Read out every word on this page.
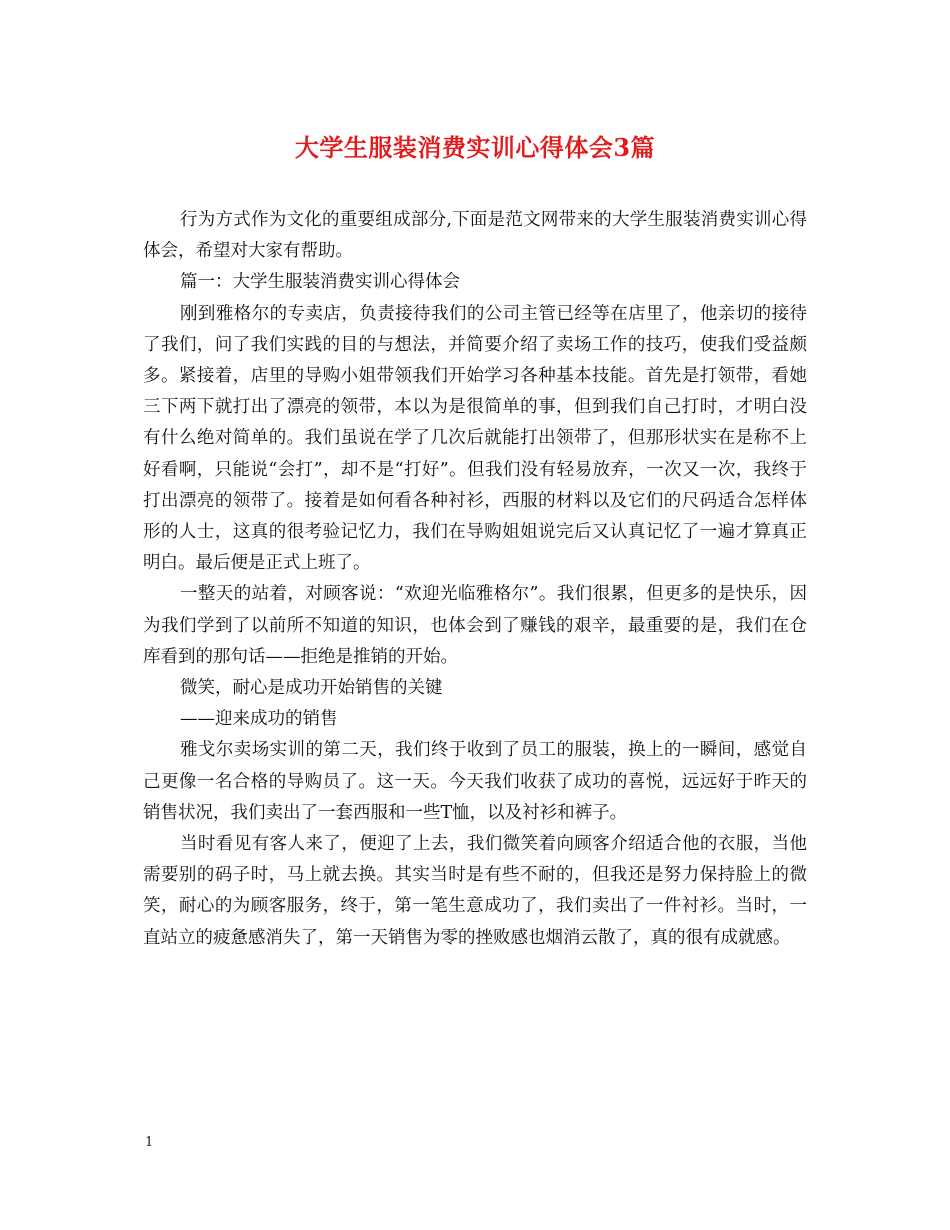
大学生服装消费实训心得体会3篇

行为方式作为文化的重要组成部分,下面是范文网带来的大学生服装消费实训心得体会，希望对大家有帮助。

篇一：大学生服装消费实训心得体会

刚到雅格尔的专卖店，负责接待我们的公司主管已经等在店里了，他亲切的接待了我们，问了我们实践的目的与想法，并简要介绍了卖场工作的技巧，使我们受益颇多。紧接着，店里的导购小姐带领我们开始学习各种基本技能。首先是打领带，看她三下两下就打出了漂亮的领带，本以为是很简单的事，但到我们自己打时，才明白没有什么绝对简单的。我们虽说在学了几次后就能打出领带了，但那形状实在是称不上好看啊，只能说“会打”，却不是“打好”。但我们没有轻易放弃，一次又一次，我终于打出漂亮的领带了。接着是如何看各种衬衫，西服的材料以及它们的尺码适合怎样体形的人士，这真的很考验记忆力，我们在导购姐姐说完后又认真记忆了一遍才算真正明白。最后便是正式上班了。

一整天的站着，对顾客说：“欢迎光临雅格尔”。我们很累，但更多的是快乐，因为我们学到了以前所不知道的知识，也体会到了赚钱的艰辛，最重要的是，我们在仓库看到的那句话——拒绝是推销的开始。

微笑，耐心是成功开始销售的关键

——迎来成功的销售

雅戈尔卖场实训的第二天，我们终于收到了员工的服装，换上的一瞬间，感觉自己更像一名合格的导购员了。这一天。今天我们收获了成功的喜悦，远远好于昨天的销售状况，我们卖出了一套西服和一些T恤，以及衬衫和裤子。

当时看见有客人来了，便迎了上去，我们微笑着向顾客介绍适合他的衣服，当他需要别的码子时，马上就去换。其实当时是有些不耐的，但我还是努力保持脸上的微笑，耐心的为顾客服务，终于，第一笔生意成功了，我们卖出了一件衬衫。当时，一直站立的疲惫感消失了，第一天销售为零的挫败感也烟消云散了，真的很有成就感。

1
